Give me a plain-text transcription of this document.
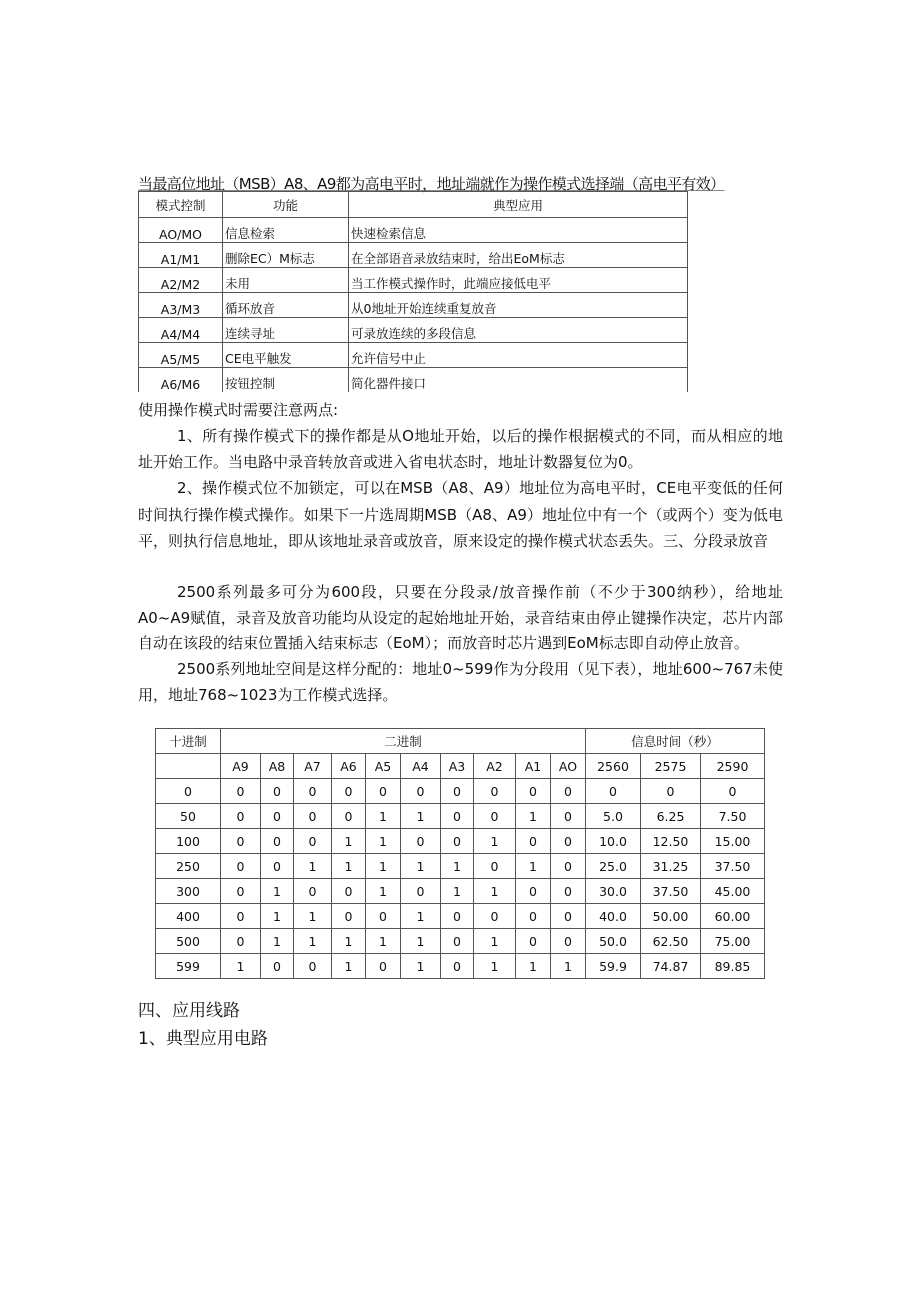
当最高位地址（MSB）A8、A9都为高电平时，地址端就作为操作模式选择端（高电平有效）
模式控制	功能	典型应用
AO/MO	信息检索	快速检索信息
A1/M1	删除EC）M标志	在全部语音录放结束时，给出EoM标志
A2/M2	未用	当工作模式操作时，此端应接低电平
A3/M3	循环放音	从0地址开始连续重复放音
A4/M4	连续寻址	可录放连续的多段信息
A5/M5	CE电平触发	允许信号中止
A6/M6	按钮控制	简化器件接口
使用操作模式时需要注意两点:
1、所有操作模式下的操作都是从O地址开始，以后的操作根据模式的不同，而从相应的地址开始工作。当电路中录音转放音或进入省电状态时，地址计数器复位为0。
2、操作模式位不加锁定，可以在MSB（A8、A9）地址位为高电平时，CE电平变低的任何时间执行操作模式操作。如果下一片选周期MSB（A8、A9）地址位中有一个（或两个）变为低电平，则执行信息地址，即从该地址录音或放音，原来设定的操作模式状态丢失。三、分段录放音
2500系列最多可分为600段，只要在分段录/放音操作前（不少于300纳秒），给地址A0~A9赋值，录音及放音功能均从设定的起始地址开始，录音结束由停止键操作决定，芯片内部自动在该段的结束位置插入结束标志（EoM）；而放音时芯片遇到EoM标志即自动停止放音。
2500系列地址空间是这样分配的：地址0~599作为分段用（见下表），地址600~767未使用，地址768~1023为工作模式选择。
十进制	二进制										信息时间（秒）		
	A9	A8	A7	A6	A5	A4	A3	A2	A1	AO	2560	2575	2590
0	0	0	0	0	0	0	0	0	0	0	0	0	0
50	0	0	0	0	1	1	0	0	1	0	5.0	6.25	7.50
100	0	0	0	1	1	0	0	1	0	0	10.0	12.50	15.00
250	0	0	1	1	1	1	1	0	1	0	25.0	31.25	37.50
300	0	1	0	0	1	0	1	1	0	0	30.0	37.50	45.00
400	0	1	1	0	0	1	0	0	0	0	40.0	50.00	60.00
500	0	1	1	1	1	1	0	1	0	0	50.0	62.50	75.00
599	1	0	0	1	0	1	0	1	1	1	59.9	74.87	89.85
四、应用线路
1、典型应用电路
